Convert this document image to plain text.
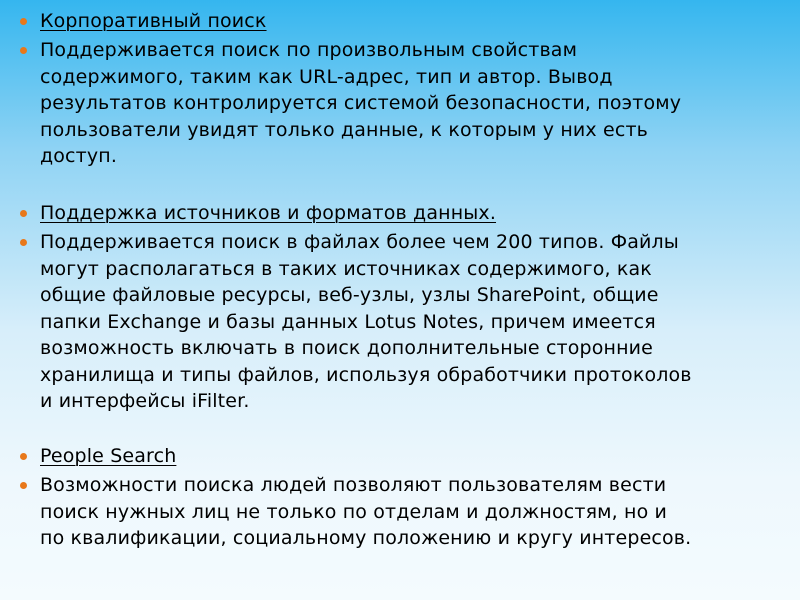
Корпоративный поиск
Поддерживается поиск по произвольным свойствам
содержимого, таким как URL-адрес, тип и автор. Вывод
результатов контролируется системой безопасности, поэтому
пользователи увидят только данные, к которым у них есть
доступ.
Поддержка источников и форматов данных.
Поддерживается поиск в файлах более чем 200 типов. Файлы
могут располагаться в таких источниках содержимого, как
общие файловые ресурсы, веб-узлы, узлы SharePoint, общие
папки Exchange и базы данных Lotus Notes, причем имеется
возможность включать в поиск дополнительные сторонние
хранилища и типы файлов, используя обработчики протоколов
и интерфейсы iFilter.
People Search
Возможности поиска людей позволяют пользователям вести
поиск нужных лиц не только по отделам и должностям, но и
по квалификации, социальному положению и кругу интересов.
